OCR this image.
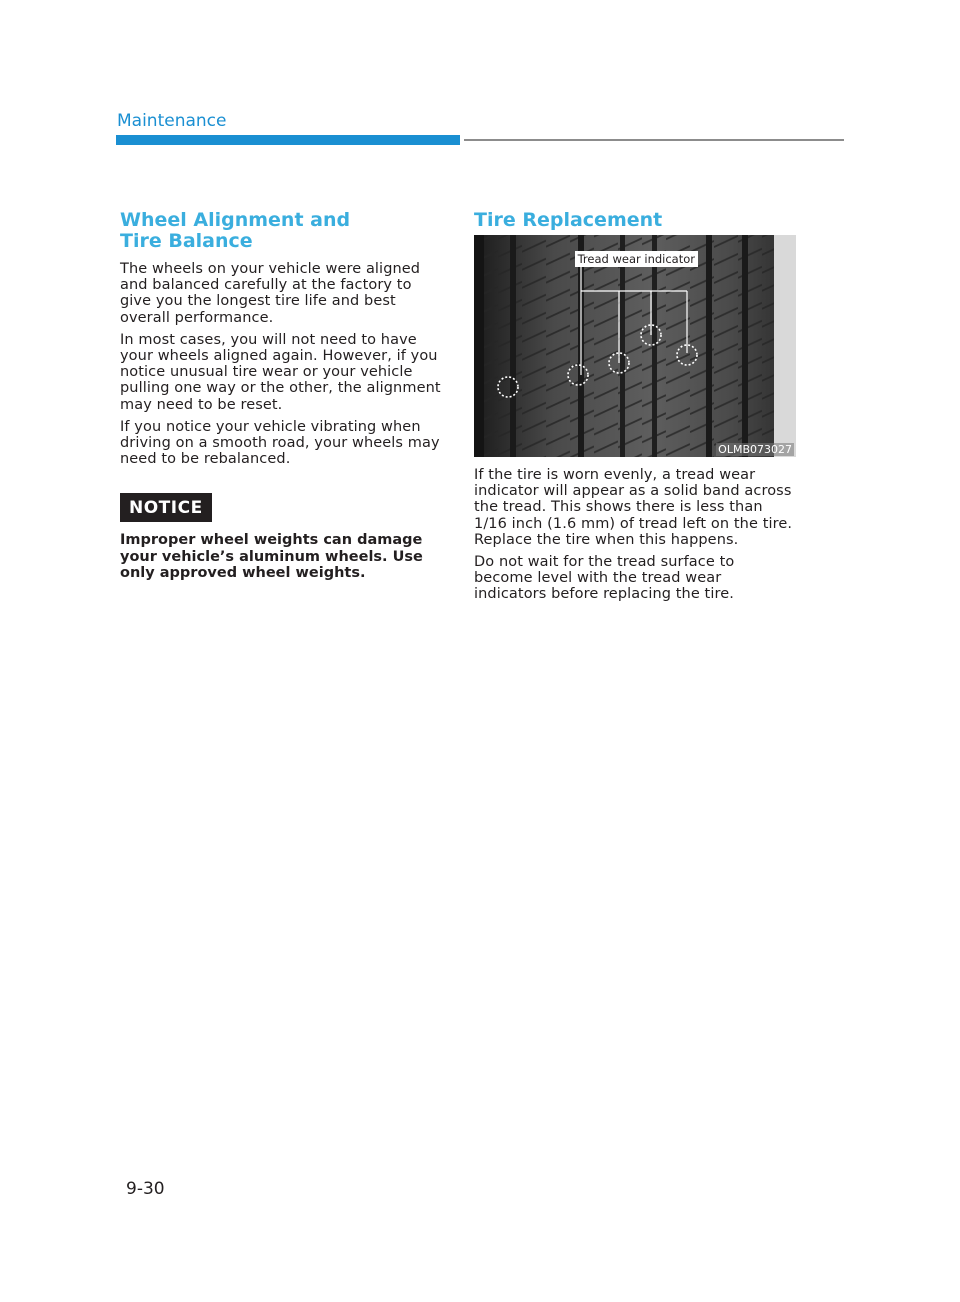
Maintenance
Wheel Alignment and Tire Balance

The wheels on your vehicle were aligned and balanced carefully at the factory to give you the longest tire life and best overall performance.

In most cases, you will not need to have your wheels aligned again. However, if you notice unusual tire wear or your vehicle pulling one way or the other, the alignment may need to be reset.

If you notice your vehicle vibrating when driving on a smooth road, your wheels may need to be rebalanced.

NOTICE

Improper wheel weights can damage your vehicle’s aluminum wheels. Use only approved wheel weights.

Tire Replacement
Tread wear indicator
OLMB073027

If the tire is worn evenly, a tread wear indicator will appear as a solid band across the tread. This shows there is less than 1/16 inch (1.6 mm) of tread left on the tire. Replace the tire when this happens.

Do not wait for the tread surface to become level with the tread wear indicators before replacing the tire.

9-30
